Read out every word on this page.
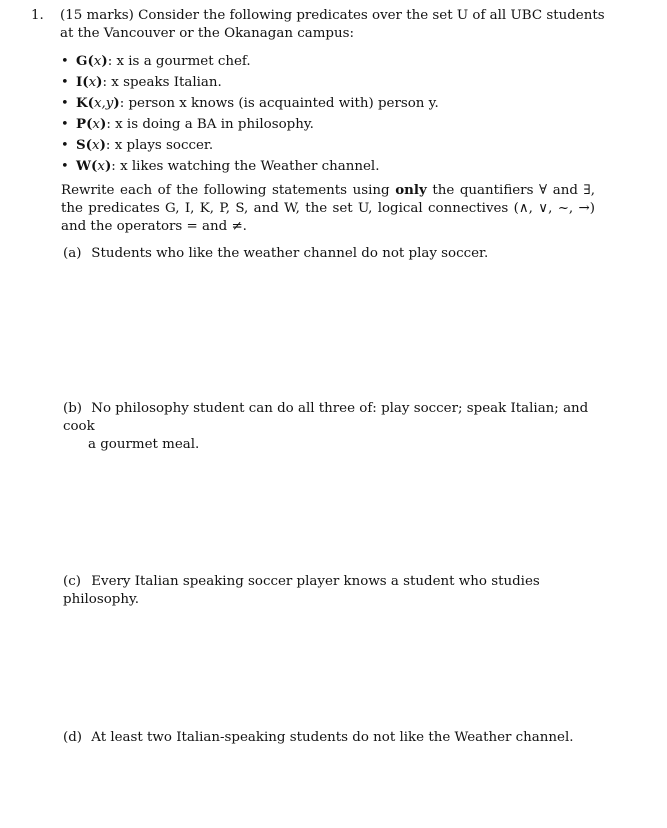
1. (15 marks) Consider the following predicates over the set U of all UBC students at the Vancouver or the Okanagan campus:
• G(x): x is a gourmet chef.
• I(x): x speaks Italian.
• K(x,y): person x knows (is acquainted with) person y.
• P(x): x is doing a BA in philosophy.
• S(x): x plays soccer.
• W(x): x likes watching the Weather channel.
Rewrite each of the following statements using only the quantifiers ∀ and ∃, the predicates G, I, K, P, S, and W, the set U, logical connectives (∧, ∨, ~, →) and the operators = and ≠.
(a) Students who like the weather channel do not play soccer.
(b) No philosophy student can do all three of: play soccer; speak Italian; and cook
a gourmet meal.
(c) Every Italian speaking soccer player knows a student who studies philosophy.
(d) At least two Italian-speaking students do not like the Weather channel.
